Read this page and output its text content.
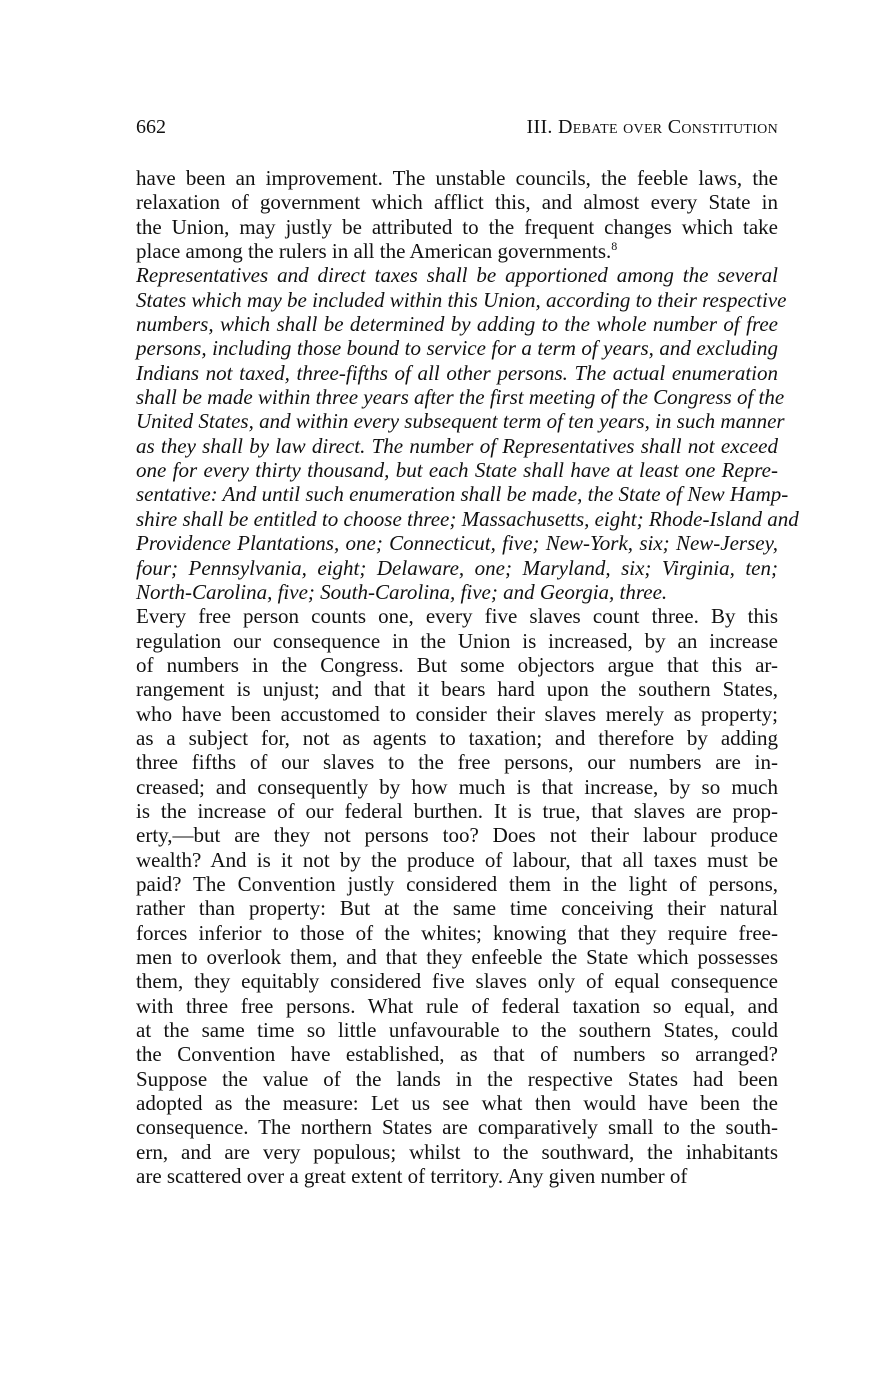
662	III. Debate over Constitution
have been an improvement. The unstable councils, the feeble laws, the
relaxation of government which afflict this, and almost every State in
the Union, may justly be attributed to the frequent changes which take
place among the rulers in all the American governments.$^8$
Representatives and direct taxes shall be apportioned among the several
States which may be included within this Union, according to their respective
numbers, which shall be determined by adding to the whole number of free
persons, including those bound to service for a term of years, and excluding
Indians not taxed, three-fifths of all other persons. The actual enumeration
shall be made within three years after the first meeting of the Congress of the
United States, and within every subsequent term of ten years, in such manner
as they shall by law direct. The number of Representatives shall not exceed
one for every thirty thousand, but each State shall have at least one Repre-
sentative: And until such enumeration shall be made, the State of New Hamp-
shire shall be entitled to choose three; Massachusetts, eight; Rhode-Island and
Providence Plantations, one; Connecticut, five; New-York, six; New-Jersey,
four; Pennsylvania, eight; Delaware, one; Maryland, six; Virginia, ten;
North-Carolina, five; South-Carolina, five; and Georgia, three.
Every free person counts one, every five slaves count three. By this
regulation our consequence in the Union is increased, by an increase
of numbers in the Congress. But some objectors argue that this ar-
rangement is unjust; and that it bears hard upon the southern States,
who have been accustomed to consider their slaves merely as property;
as a subject for, not as agents to taxation; and therefore by adding
three fifths of our slaves to the free persons, our numbers are in-
creased; and consequently by how much is that increase, by so much
is the increase of our federal burthen. It is true, that slaves are prop-
erty,—but are they not persons too? Does not their labour produce
wealth? And is it not by the produce of labour, that all taxes must be
paid? The Convention justly considered them in the light of persons,
rather than property: But at the same time conceiving their natural
forces inferior to those of the whites; knowing that they require free-
men to overlook them, and that they enfeeble the State which possesses
them, they equitably considered five slaves only of equal consequence
with three free persons. What rule of federal taxation so equal, and
at the same time so little unfavourable to the southern States, could
the Convention have established, as that of numbers so arranged?
Suppose the value of the lands in the respective States had been
adopted as the measure: Let us see what then would have been the
consequence. The northern States are comparatively small to the south-
ern, and are very populous; whilst to the southward, the inhabitants
are scattered over a great extent of territory. Any given number of
